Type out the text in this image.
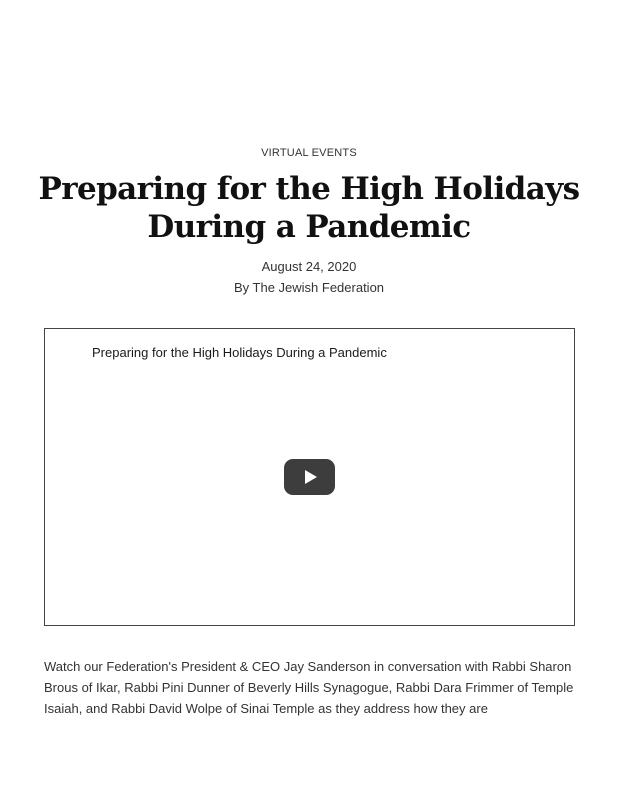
VIRTUAL EVENTS
Preparing for the High Holidays During a Pandemic
August 24, 2020
By The Jewish Federation
Preparing for the High Holidays During a Pandemic

Watch our Federation's President & CEO Jay Sanderson in conversation with Rabbi Sharon Brous of Ikar, Rabbi Pini Dunner of Beverly Hills Synagogue, Rabbi Dara Frimmer of Temple Isaiah, and Rabbi David Wolpe of Sinai Temple as they address how they are
